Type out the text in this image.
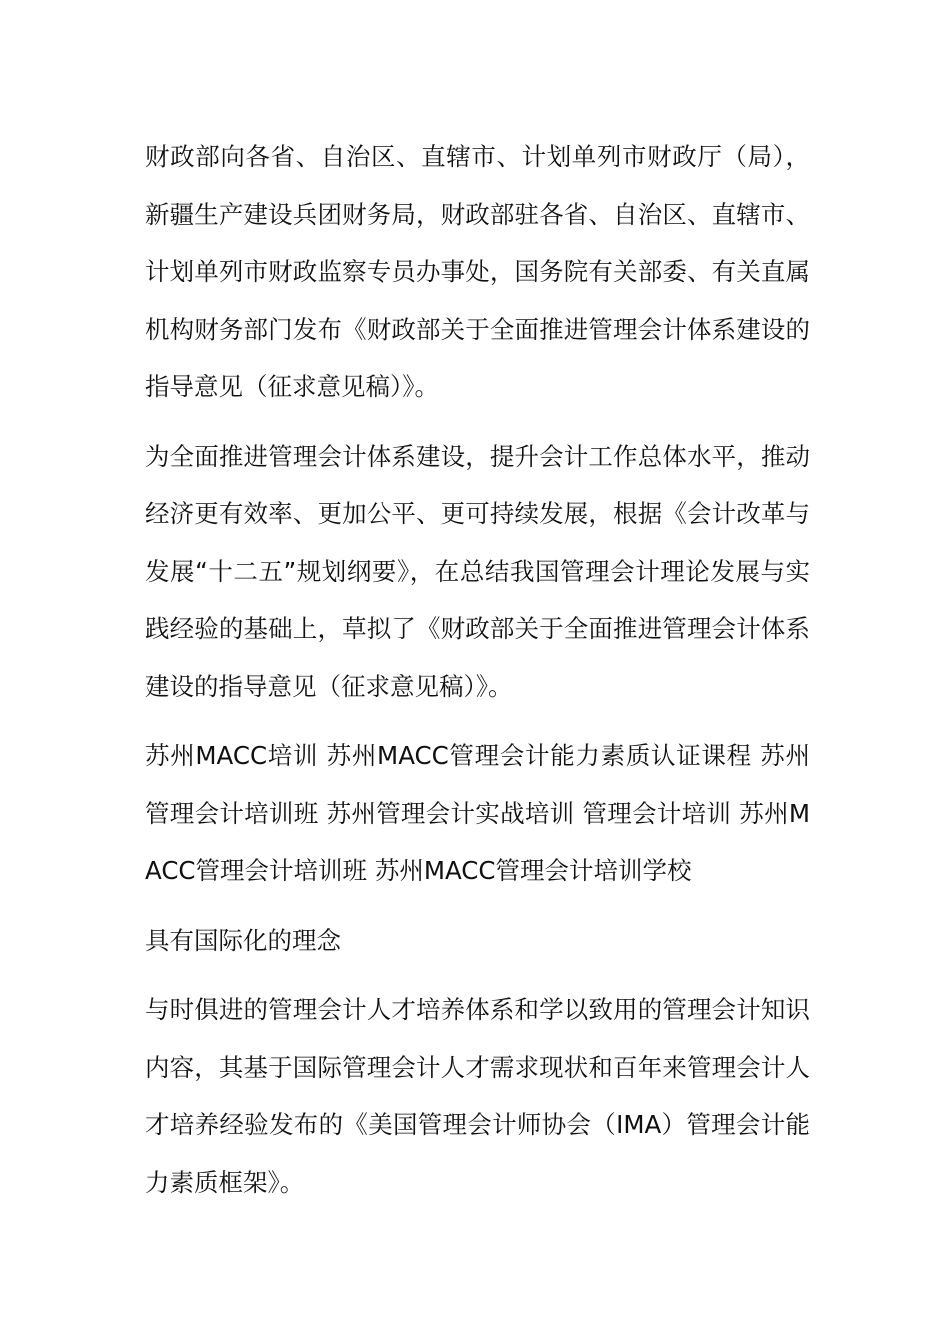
财政部向各省、自治区、直辖市、计划单列市财政厅（局），新疆生产建设兵团财务局，财政部驻各省、自治区、直辖市、计划单列市财政监察专员办事处，国务院有关部委、有关直属机构财务部门发布《财政部关于全面推进管理会计体系建设的指导意见（征求意见稿）》。

为全面推进管理会计体系建设，提升会计工作总体水平，推动经济更有效率、更加公平、更可持续发展，根据《会计改革与发展“十二五”规划纲要》，在总结我国管理会计理论发展与实践经验的基础上，草拟了《财政部关于全面推进管理会计体系建设的指导意见（征求意见稿）》。

苏州MACC培训 苏州MACC管理会计能力素质认证课程 苏州管理会计培训班 苏州管理会计实战培训 管理会计培训 苏州MACC管理会计培训班 苏州MACC管理会计培训学校

具有国际化的理念

与时俱进的管理会计人才培养体系和学以致用的管理会计知识内容，其基于国际管理会计人才需求现状和百年来管理会计人才培养经验发布的《美国管理会计师协会（IMA）管理会计能力素质框架》。
